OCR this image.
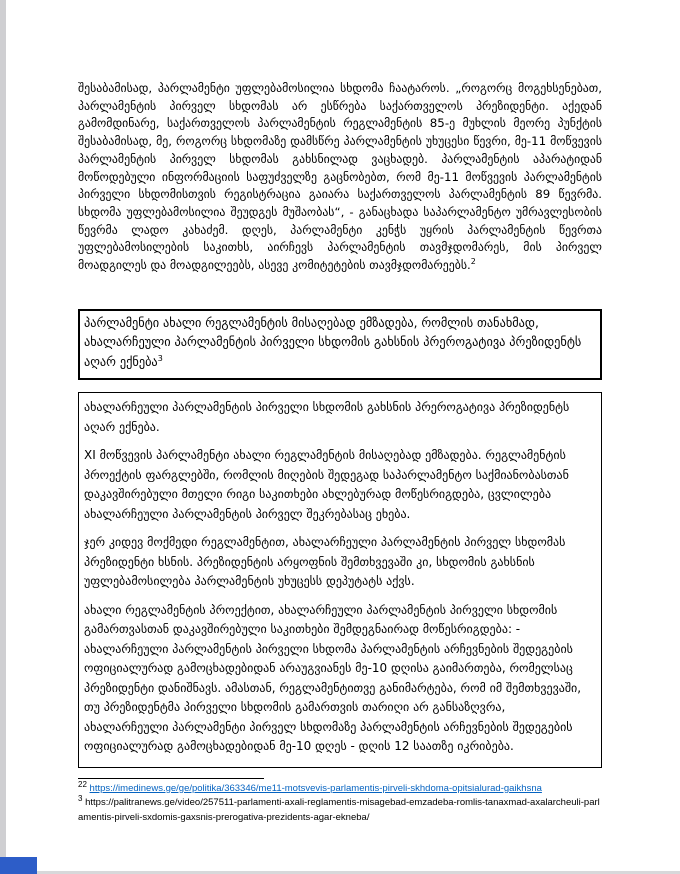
შესაბამისად, პარლამენტი უფლებამოსილია სხდომა ჩაატაროს. „როგორც მოგეხსენებათ, პარლამენტის პირველ სხდომას არ ესწრება საქართველოს პრეზიდენტი. აქედან გამომდინარე, საქართველოს პარლამენტის რეგლამენტის 85-ე მუხლის მეორე პუნქტის შესაბამისად, მე, როგორც სხდომაზე დამსწრე პარლამენტის უხუცესი წევრი, მე-11 მოწვევის პარლამენტის პირველ სხდომას გახსნილად ვაცხადებ. პარლამენტის აპარატიდან მოწოდებული ინფორმაციის საფუძველზე გაცნობებთ, რომ მე-11 მოწვევის პარლამენტის პირველი სხდომისთვის რეგისტრაცია გაიარა საქართველოს პარლამენტის 89 წევრმა. სხდომა უფლებამოსილია შეუდგეს მუშაობას“, - განაცხადა საპარლამენტო უმრავლესობის წევრმა ლადო კახაძემ. დღეს, პარლამენტი კენჭს უყრის პარლამენტის წევრთა უფლებამოსილების საკითხს, აირჩევს პარლამენტის თავმჯდომარეს, მის პირველ მოადგილეს და მოადგილეებს, ასევე კომიტეტების თავმჯდომარეებს.$^2$

პარლამენტი ახალი რეგლამენტის მისაღებად ემზადება, რომლის თანახმად, ახალარჩეული პარლამენტის პირველი სხდომის გახსნის პრეროგატივა პრეზიდენტს აღარ ექნება$^3$

ახალარჩეული პარლამენტის პირველი სხდომის გახსნის პრეროგატივა პრეზიდენტს აღარ ექნება.

XI მოწვევის პარლამენტი ახალი რეგლამენტის მისაღებად ემზადება. რეგლამენტის პროექტის ფარგლებში, რომლის მიღების შედეგად საპარლამენტო საქმიანობასთან დაკავშირებული მთელი რიგი საკითხები ახლებურად მოწესრიგდება, ცვლილება ახალარჩეული პარლამენტის პირველ შეკრებასაც ეხება.

ჯერ კიდევ მოქმედი რეგლამენტით, ახალარჩეული პარლამენტის პირველ სხდომას პრეზიდენტი ხსნის. პრეზიდენტის არყოფნის შემთხვევაში კი, სხდომის გახსნის უფლებამოსილება პარლამენტის უხუცესს დეპუტატს აქვს.

ახალი რეგლამენტის პროექტით, ახალარჩეული პარლამენტის პირველი სხდომის გამართვასთან დაკავშირებული საკითხები შემდეგნაირად მოწესრიგდება: - ახალარჩეული პარლამენტის პირველი სხდომა პარლამენტის არჩევნების შედეგების ოფიციალურად გამოცხადებიდან არაუგვიანეს მე-10 დღისა გაიმართება, რომელსაც პრეზიდენტი დანიშნავს. ამასთან, რეგლამენტითვე განიმარტება, რომ იმ შემთხვევაში, თუ პრეზიდენტმა პირველი სხდომის გამართვის თარიღი არ განსაზღვრა, ახალარჩეული პარლამენტი პირველ სხდომაზე პარლამენტის არჩევნების შედეგების ოფიციალურად გამოცხადებიდან მე-10 დღეს - დღის 12 საათზე იკრიბება.

$^{22}$ https://imedinews.ge/ge/politika/363346/me11-motsvevis-parlamentis-pirveli-skhdoma-opitsialurad-gaikhsna
$^3$ https://palitranews.ge/video/257511-parlamenti-axali-reglamentis-misagebad-emzadeba-romlis-tanaxmad-axalarcheuli-parlamentis-pirveli-sxdomis-gaxsnis-prerogativa-prezidents-agar-ekneba/
